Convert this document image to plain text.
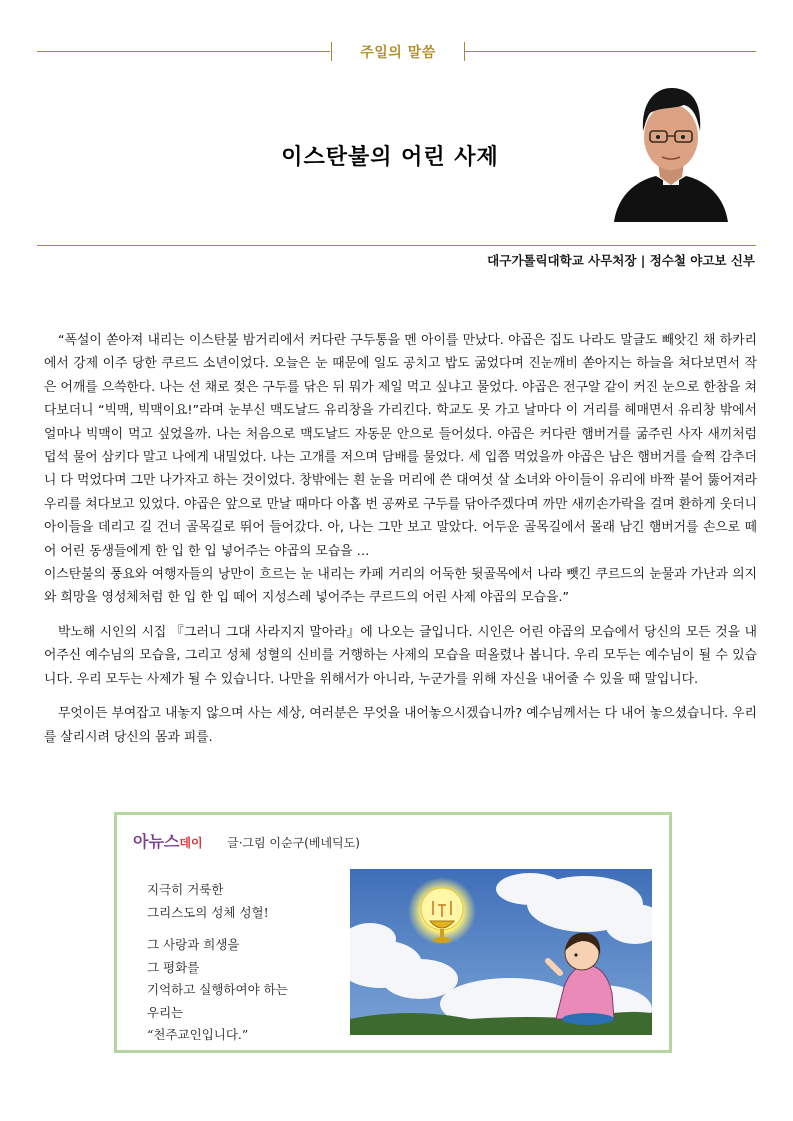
주일의 말씀
이스탄불의 어린 사제
대구가톨릭대학교 사무처장 | 정수철 야고보 신부

“폭설이 쏟아져 내리는 이스탄불 밤거리에서 커다란 구두통을 멘 아이를 만났다. 야곱은 집도 나라도 말글도 빼앗긴 채 하카리에서 강제 이주 당한 쿠르드 소년이었다. 오늘은 눈 때문에 일도 공치고 밥도 굶었다며 진눈깨비 쏟아지는 하늘을 쳐다보면서 작은 어깨를 으쓱한다. 나는 선 채로 젖은 구두를 닦은 뒤 뭐가 제일 먹고 싶냐고 물었다. 야곱은 전구알 같이 커진 눈으로 한참을 쳐다보더니 “빅맥, 빅맥이요!”라며 눈부신 맥도날드 유리창을 가리킨다. 학교도 못 가고 날마다 이 거리를 헤매면서 유리창 밖에서 얼마나 빅맥이 먹고 싶었을까. 나는 처음으로 맥도날드 자동문 안으로 들어섰다. 야곱은 커다란 햄버거를 굶주린 사자 새끼처럼 덥석 물어 삼키다 말고 나에게 내밀었다. 나는 고개를 저으며 담배를 물었다. 세 입쯤 먹었을까 야곱은 남은 햄버거를 슬쩍 감추더니 다 먹었다며 그만 나가자고 하는 것이었다. 창밖에는 흰 눈을 머리에 쓴 대여섯 살 소녀와 아이들이 유리에 바짝 붙어 뚫어져라 우리를 쳐다보고 있었다. 야곱은 앞으로 만날 때마다 아홉 번 공짜로 구두를 닦아주겠다며 까만 새끼손가락을 걸며 환하게 웃더니 아이들을 데리고 길 건너 골목길로 뛰어 들어갔다. 아, 나는 그만 보고 말았다. 어두운 골목길에서 몰래 남긴 햄버거를 손으로 떼어 어린 동생들에게 한 입 한 입 넣어주는 야곱의 모습을 …

이스탄불의 풍요와 여행자들의 낭만이 흐르는 눈 내리는 카페 거리의 어둑한 뒷골목에서 나라 뺏긴 쿠르드의 눈물과 가난과 의지와 희망을 영성체처럼 한 입 한 입 떼어 지성스레 넣어주는 쿠르드의 어린 사제 야곱의 모습을.”

박노해 시인의 시집 『그러니 그대 사라지지 말아라』에 나오는 글입니다. 시인은 어린 야곱의 모습에서 당신의 모든 것을 내어주신 예수님의 모습을, 그리고 성체 성혈의 신비를 거행하는 사제의 모습을 떠올렸나 봅니다. 우리 모두는 예수님이 될 수 있습니다. 우리 모두는 사제가 될 수 있습니다. 나만을 위해서가 아니라, 누군가를 위해 자신을 내어줄 수 있을 때 말입니다.

무엇이든 부여잡고 내놓지 않으며 사는 세상, 여러분은 무엇을 내어놓으시겠습니까? 예수님께서는 다 내어 놓으셨습니다. 우리를 살리시려 당신의 몸과 피를.

아뉴스데이 글·그림 이순구(베네딕도)
지극히 거룩한
그리스도의 성체 성혈!
그 사랑과 희생을
그 평화를
기억하고 실행하여야 하는
우리는
“천주교인입니다.”
